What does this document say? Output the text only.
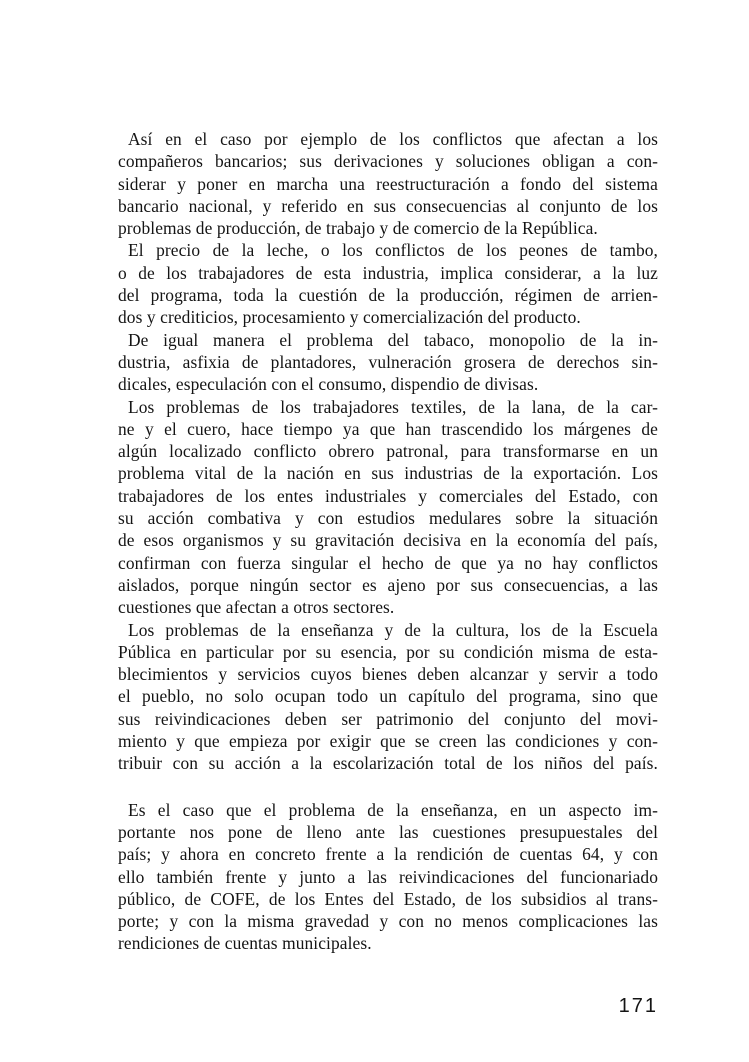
Así en el caso por ejemplo de los conflictos que afectan a los
compañeros bancarios; sus derivaciones y soluciones obligan a con-
siderar y poner en marcha una reestructuración a fondo del sistema
bancario nacional, y referido en sus consecuencias al conjunto de los
problemas de producción, de trabajo y de comercio de la República.
El precio de la leche, o los conflictos de los peones de tambo,
o de los trabajadores de esta industria, implica considerar, a la luz
del programa, toda la cuestión de la producción, régimen de arrien-
dos y crediticios, procesamiento y comercialización del producto.
De igual manera el problema del tabaco, monopolio de la in-
dustria, asfixia de plantadores, vulneración grosera de derechos sin-
dicales, especulación con el consumo, dispendio de divisas.
Los problemas de los trabajadores textiles, de la lana, de la car-
ne y el cuero, hace tiempo ya que han trascendido los márgenes de
algún localizado conflicto obrero patronal, para transformarse en un
problema vital de la nación en sus industrias de la exportación. Los
trabajadores de los entes industriales y comerciales del Estado, con
su acción combativa y con estudios medulares sobre la situación
de esos organismos y su gravitación decisiva en la economía del país,
confirman con fuerza singular el hecho de que ya no hay conflictos
aislados, porque ningún sector es ajeno por sus consecuencias, a las
cuestiones que afectan a otros sectores.
Los problemas de la enseñanza y de la cultura, los de la Escuela
Pública en particular por su esencia, por su condición misma de esta-
blecimientos y servicios cuyos bienes deben alcanzar y servir a todo
el pueblo, no solo ocupan todo un capítulo del programa, sino que
sus reivindicaciones deben ser patrimonio del conjunto del movi-
miento y que empieza por exigir que se creen las condiciones y con-
tribuir con su acción a la escolarización total de los niños del país.
Es el caso que el problema de la enseñanza, en un aspecto im-
portante nos pone de lleno ante las cuestiones presupuestales del
país; y ahora en concreto frente a la rendición de cuentas 64, y con
ello también frente y junto a las reivindicaciones del funcionariado
público, de COFE, de los Entes del Estado, de los subsidios al trans-
porte; y con la misma gravedad y con no menos complicaciones las
rendiciones de cuentas municipales.
171
